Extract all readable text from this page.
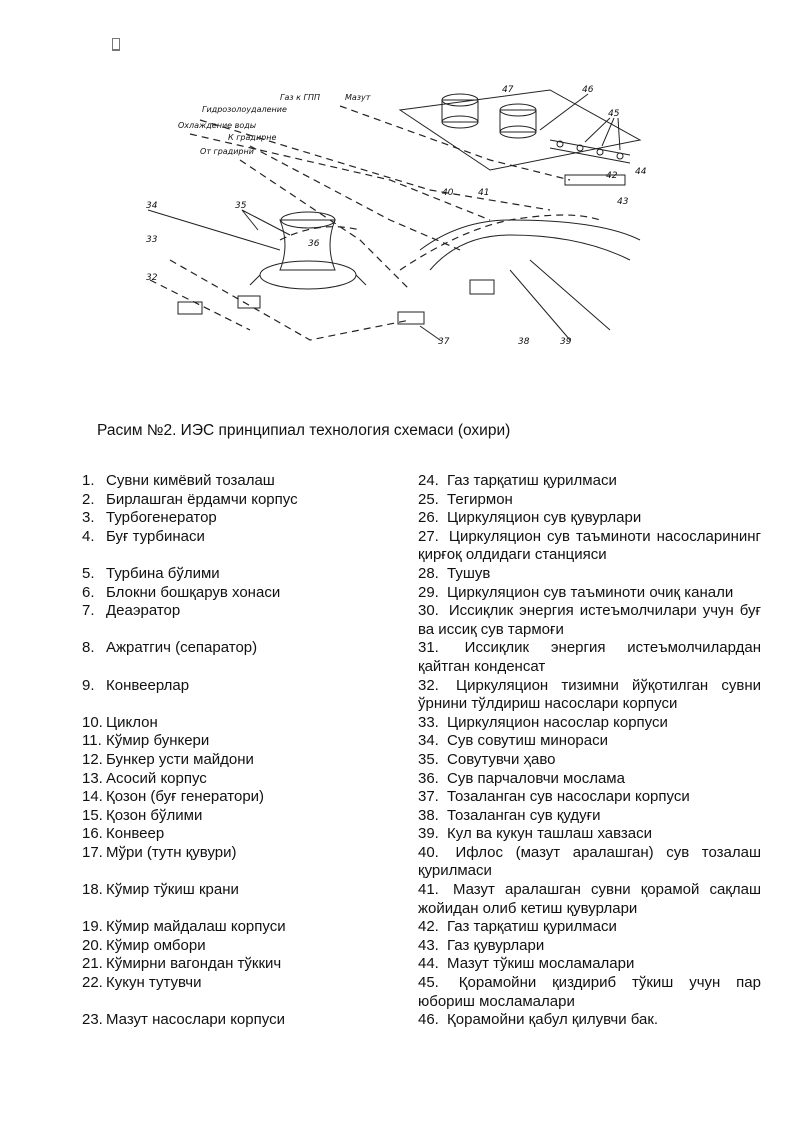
Газ к ГПП	Мазут
Гидрозолоудаление
Охлаждение воды
К градирне
От градирни
47	46
45
42 44
43
40	41
34	35
36
33
32
37	38	39
Расим №2. ИЭС принципиал технология схемаси (охири)
1. Сувни кимёвий тозалаш
2. Бирлашган ёрдамчи корпус
3. Турбогенератор
4. Буғ турбинаси
5. Турбина бўлими
6. Блокни бошқарув хонаси
7. Деаэратор
8. Ажратгич (сепаратор)
9. Конвеерлар
10. Циклон
11. Кўмир бункери
12. Бункер усти майдони
13. Асосий корпус
14. Қозон (буғ генератори)
15. Қозон бўлими
16. Конвеер
17. Мўри (тутн қувури)
18. Кўмир тўкиш крани
19. Кўмир майдалаш корпуси
20. Кўмир омбори
21. Кўмирни вагондан тўккич
22. Кукун тутувчи
23. Мазут насослари корпуси
24. Газ тарқатиш қурилмаси
25. Тегирмон
26. Циркуляцион сув қувурлари
27. Циркуляцион сув таъминоти насосларининг қирғоқ олдидаги станцияси
28. Тушув
29. Циркуляцион сув таъминоти очиқ канали
30. Иссиқлик энергия истеъмолчилари учун буғ ва иссиқ сув тармоғи
31. Иссиқлик энергия истеъмолчилардан қайтган конденсат
32. Циркуляцион тизимни йўқотилган сувни ўрнини тўлдириш насослари корпуси
33. Циркуляцион насослар корпуси
34. Сув совутиш минораси
35. Совутувчи ҳаво
36. Сув парчаловчи мослама
37. Тозаланган сув насослари корпуси
38. Тозаланган сув қудуғи
39. Кул ва кукун ташлаш хавзаси
40. Ифлос (мазут аралашган) сув тозалаш қурилмаси
41. Мазут аралашган сувни қорамой сақлаш жойидан олиб кетиш қувурлари
42. Газ тарқатиш қурилмаси
43. Газ қувурлари
44. Мазут тўкиш мосламалари
45. Қорамойни қиздириб тўкиш учун пар юбориш мосламалари
46. Қорамойни қабул қилувчи бак.
